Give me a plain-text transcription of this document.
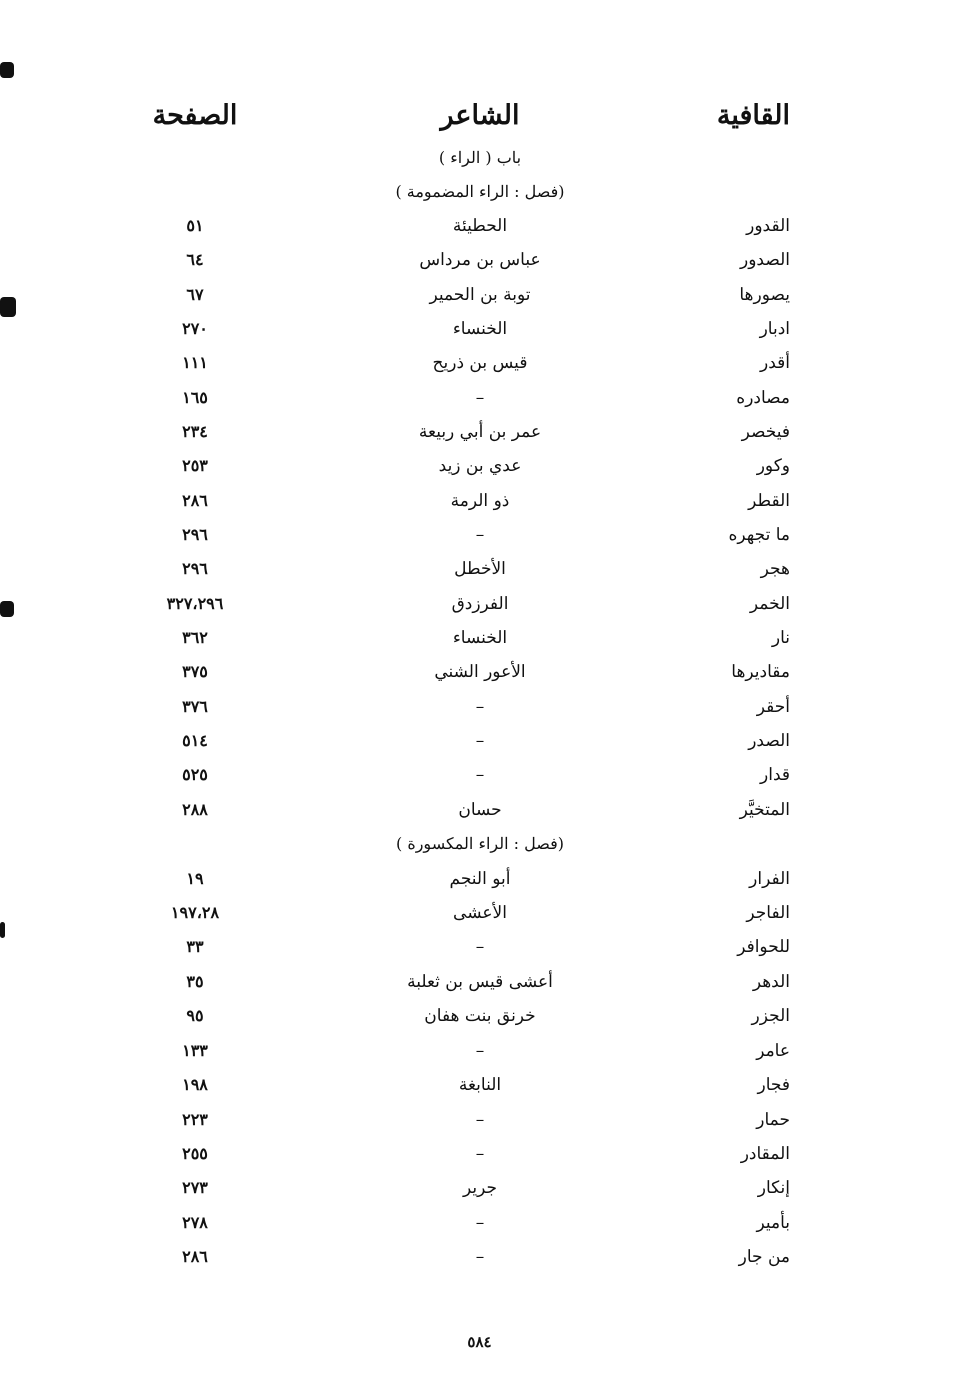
القافية
الشاعر
الصفحة
باب ( الراء )
(فصل : الراء المضمومة )
القدور
الحطيئة
٥١
الصدور
عباس بن مرداس
٦٤
يصورها
توبة بن الحمير
٦٧
ادبار
الخنساء
٢٧٠
أقدر
قيس بن ذريح
١١١
مصادره
–
١٦٥
فيخصر
عمر بن أبي ربيعة
٢٣٤
وكور
عدي بن زيد
٢٥٣
القطر
ذو الرمة
٢٨٦
ما تجهره
–
٢٩٦
هجر
الأخطل
٢٩٦
الخمر
الفرزدق
٣٢٧،٢٩٦
نار
الخنساء
٣٦٢
مقاديرها
الأعور الشني
٣٧٥
أحقر
–
٣٧٦
الصدر
–
٥١٤
قدار
–
٥٢٥
المتخيَّر
حسان
٢٨٨
(فصل : الراء المكسورة )
الفرار
أبو النجم
١٩
الفاجر
الأعشى
١٩٧،٢٨
للحوافر
–
٣٣
الدهر
أعشى قيس بن ثعلبة
٣٥
الجزر
خرنق بنت هفان
٩٥
عامر
–
١٣٣
فجار
النابغة
١٩٨
حمار
–
٢٢٣
المقادر
–
٢٥٥
إنكار
جرير
٢٧٣
بأمير
–
٢٧٨
من جار
–
٢٨٦
٥٨٤
